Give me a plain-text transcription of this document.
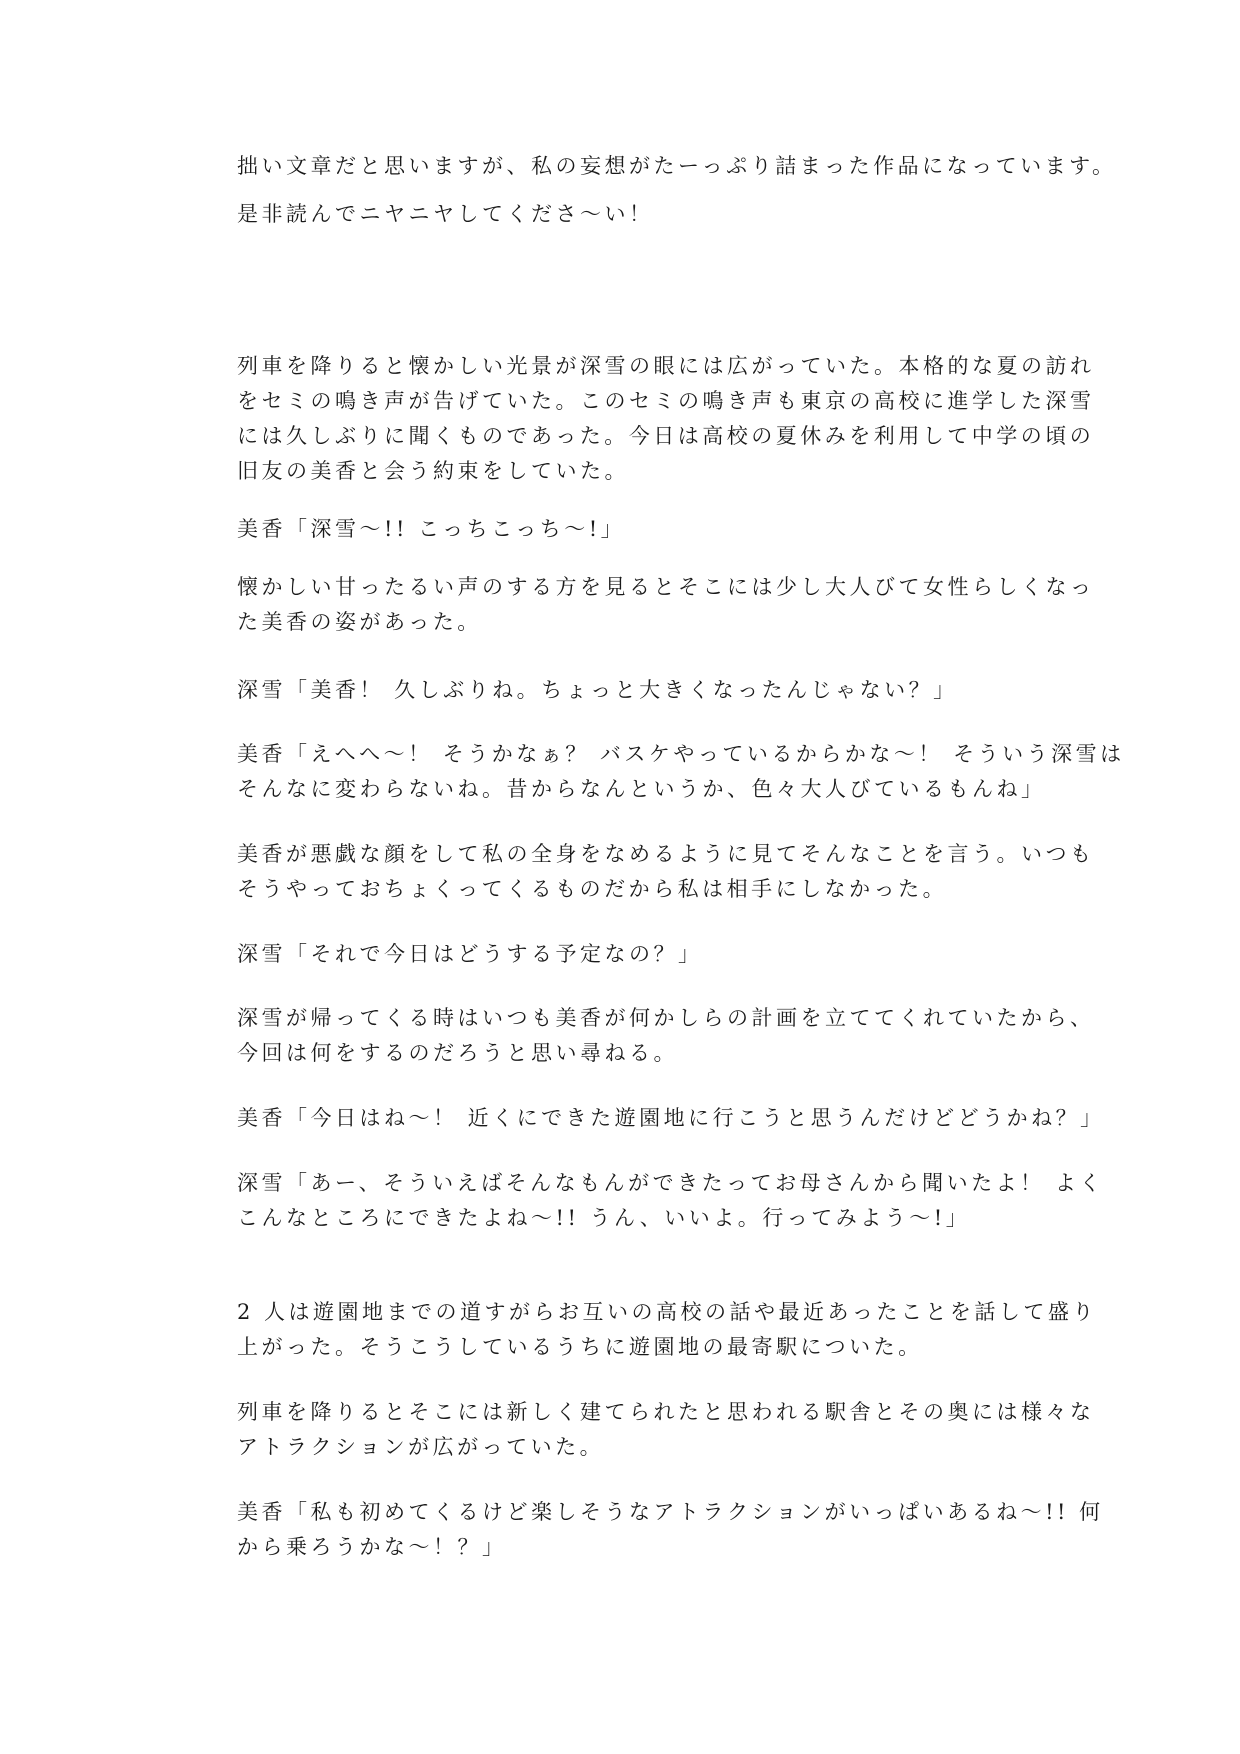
拙い文章だと思いますが、私の妄想がたーっぷり詰まった作品になっています。

是非読んでニヤニヤしてくださ〜い！

列車を降りると懐かしい光景が深雪の眼には広がっていた。本格的な夏の訪れ

をセミの鳴き声が告げていた。このセミの鳴き声も東京の高校に進学した深雪

には久しぶりに聞くものであった。今日は高校の夏休みを利用して中学の頃の

旧友の美香と会う約束をしていた。

美香「深雪～!! こっちこっち～!」

懐かしい甘ったるい声のする方を見るとそこには少し大人びて女性らしくなっ

た美香の姿があった。

深雪「美香！ 久しぶりね。ちょっと大きくなったんじゃない？」

美香「えへへ～！ そうかなぁ？ バスケやっているからかな～！ そういう深雪は

そんなに変わらないね。昔からなんというか、色々大人びているもんね」

美香が悪戯な顔をして私の全身をなめるように見てそんなことを言う。いつも

そうやっておちょくってくるものだから私は相手にしなかった。

深雪「それで今日はどうする予定なの？」

深雪が帰ってくる時はいつも美香が何かしらの計画を立ててくれていたから、

今回は何をするのだろうと思い尋ねる。

美香「今日はね～！ 近くにできた遊園地に行こうと思うんだけどどうかね？」

深雪「あー、そういえばそんなもんができたってお母さんから聞いたよ！ よく

こんなところにできたよね～!! うん、いいよ。行ってみよう～!」

2 人は遊園地までの道すがらお互いの高校の話や最近あったことを話して盛り

上がった。そうこうしているうちに遊園地の最寄駅についた。

列車を降りるとそこには新しく建てられたと思われる駅舎とその奥には様々な

アトラクションが広がっていた。

美香「私も初めてくるけど楽しそうなアトラクションがいっぱいあるね～!! 何

から乗ろうかな～！？」
